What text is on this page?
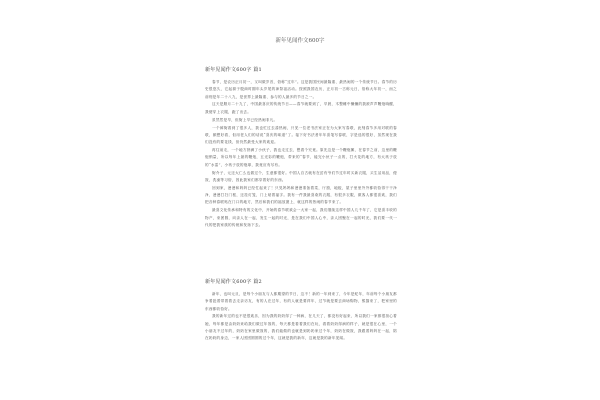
新年见闻作文600字
新年见闻作文600字 篇1

春节，是农历正月初一，又叫做岁首，俗称“过年”。这是我国民间最隆重、最热闹的一个传统节日。春节的历史很悠久，它起源于殷商时期年头岁尾的神祭祖活动。按照我国农历，正月初一古称元日，俗称大年初一，而之前则是年二十八九，是世界上最隆重、参与的人最多的节日之一。

这天是腊月二十九了，中国最喜庆的传统节日——春节就要到了，早晨，木整睡中懒懒的我被声声鞭炮响醒，我便穿上衣服，跑了出去。

虽然然是早，但街上早已经热闹非凡。

一个裤街看到了很多人，我也忙过去凑热闹，只见一位老书法家正在为大家写春联，此刻春节多用对联的春联，颇想好看，但用老人们的话说“喜庆的味道”了。接下好书法者年年喜笔写春联，字是选的很好，虽然现在我们没有的要花钱，但仍然最受大家的欢迎。

再往前走，一个地方挤满了小伙子，我也走过去，想看个究竟。原先这是一个鞭炮摊，在春节之前，这里的鞭炮销量，所以每年上最的鞭炮，五光彩的鞭炮，带来的“春节，能完小伙子一点的，打火花的地方，有大孩子放的“水雷”，小孩子放的炮球，我竟应有尽有。

街介子，元还大仁么也做过个，生意都很好。中国人自古就有在贫有爷们节过年时买新衣服，买生活用品，便饭，洗澡等习俗，因此我家们都穿着好的东西。

回到家，爸爸和妈妈已经忙起来了！只见妈妈和爸爸准备着菜，厅窗，地板，屋子里里外外都收拾得干干净净，爸爸打扫门框，还挂灯笼，门上贴着福字。我有一件我最喜欢的衣服，有很多衣服，做客人都很喜欢，我们把各种春联贴在门口的地方，然后和我们的福放窗上，就这样的热闹的春节来了。

最喜文化传承和特有的文化中，开始的春节联欢会一大家一起，我们继续这样中国人几千年了，它是喜丰收的物产，来团圆，向亲人在一起，发生一起的时光，是在我们中国人心中，亲人团聚在一起的时光，我们要一代一代的把我家族的传统和发扬下去。

新年见闻作文600字 篇2

新年，也叫元旦，是每个小朋友与人都期望的节日，这不！新的一年到来了，今年是蛇年，年前每个小朋友都争着抢着带着着去走亲访友，有的人在过年，有的人就是要拜年，过节就是要去商场购物，熊猫来了，把家里的东西都收拾好。

我的新年过的也不是很欢乐，因为我的奶奶得了一种病，在几天了，都没有好起来，所以我们一家都很担心着她，每年都是由奶奶来给我们做过年饭的，每天都是看着我们在玩，看着奶奶得病的样子，就是很在心里，一个小朋友不过年的，奶奶在家里做饭的，我们能做的也就是到奶奶家过个年，奶奶在做饭，我跟着妈妈在一起，陪在奶奶的身边，一家人团团圆圆的过个年，这就是我的新年，这就是我的新年见闻。
